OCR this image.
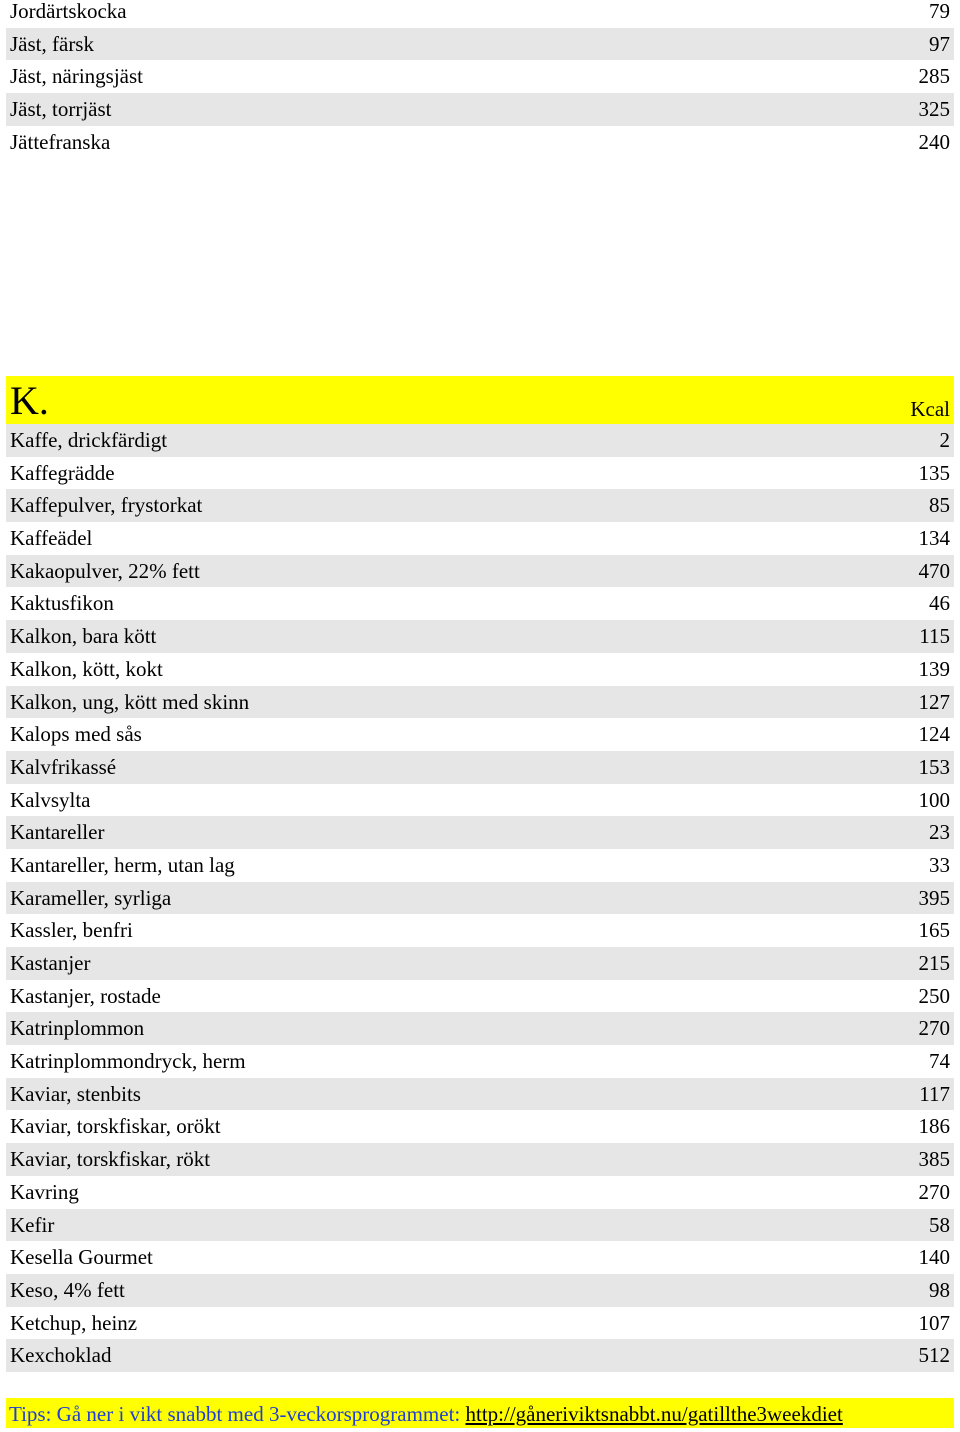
Jordärtskocka	79
Jäst, färsk	97
Jäst, näringsjäst	285
Jäst, torrjäst	325
Jättefranska	240
K.	Kcal
Kaffe, drickfärdigt	2
Kaffegrädde	135
Kaffepulver, frystorkat	85
Kaffeädel	134
Kakaopulver, 22% fett	470
Kaktusfikon	46
Kalkon, bara kött	115
Kalkon, kött, kokt	139
Kalkon, ung, kött med skinn	127
Kalops med sås	124
Kalvfrikassé	153
Kalvsylta	100
Kantareller	23
Kantareller, herm, utan lag	33
Karameller, syrliga	395
Kassler, benfri	165
Kastanjer	215
Kastanjer, rostade	250
Katrinplommon	270
Katrinplommondryck, herm	74
Kaviar, stenbits	117
Kaviar, torskfiskar, orökt	186
Kaviar, torskfiskar, rökt	385
Kavring	270
Kefir	58
Kesella Gourmet	140
Keso, 4% fett	98
Ketchup, heinz	107
Kexchoklad	512
Tips: Gå ner i vikt snabbt med 3-veckorsprogrammet: http://gåneriviktsnabbt.nu/gatillthe3weekdiet
